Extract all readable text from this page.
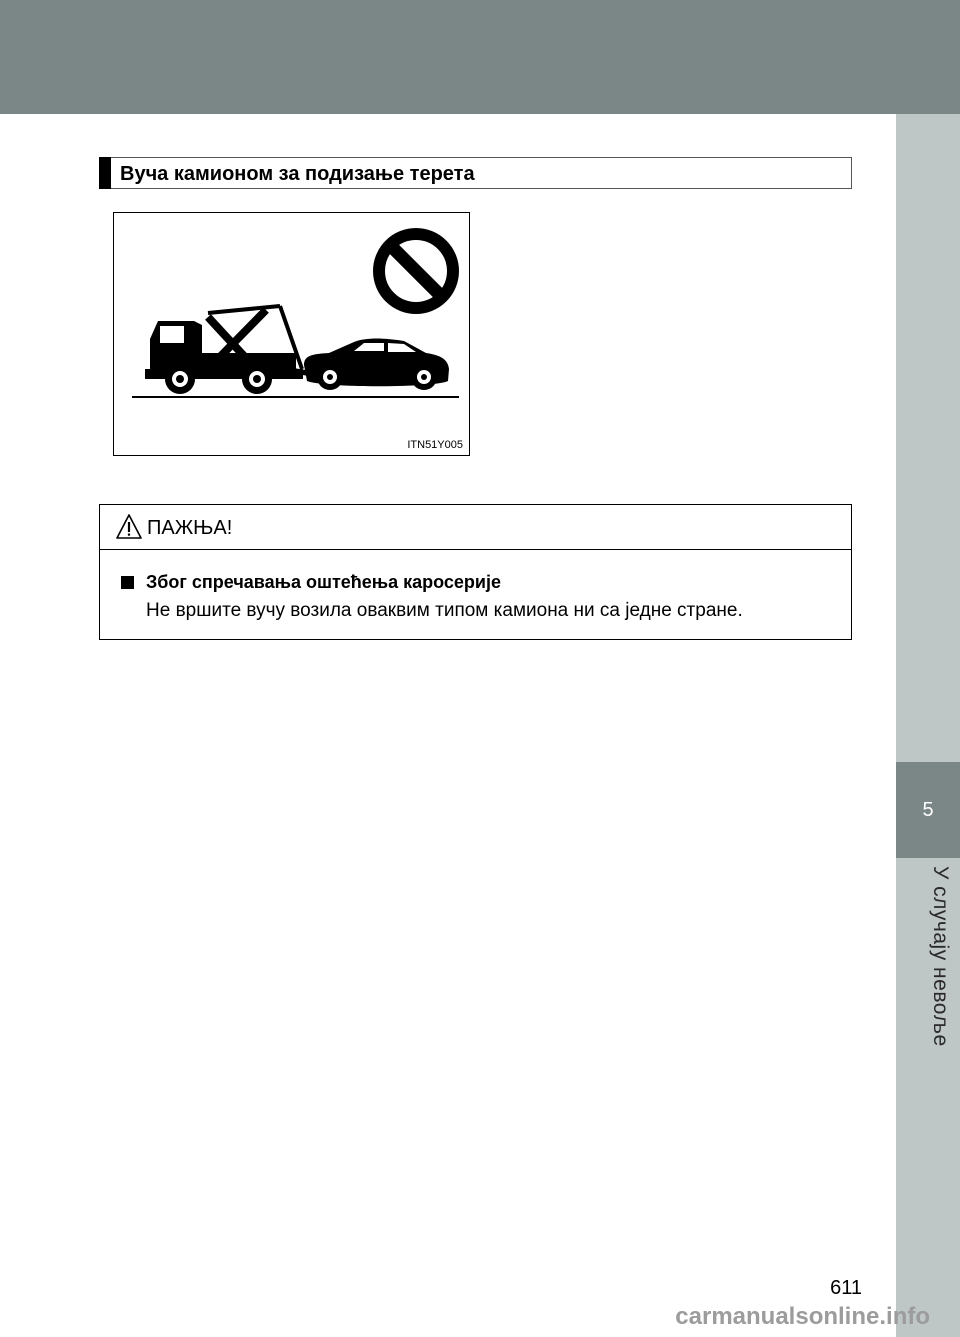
5
У случају невоље
Вуча камионом за подизање терета
ITN51Y005
ПАЖЊА!
Због спречавања оштећења каросерије
Не вршите вучу возила оваквим типом камиона ни са једне стране.
611
carmanualsonline.info
